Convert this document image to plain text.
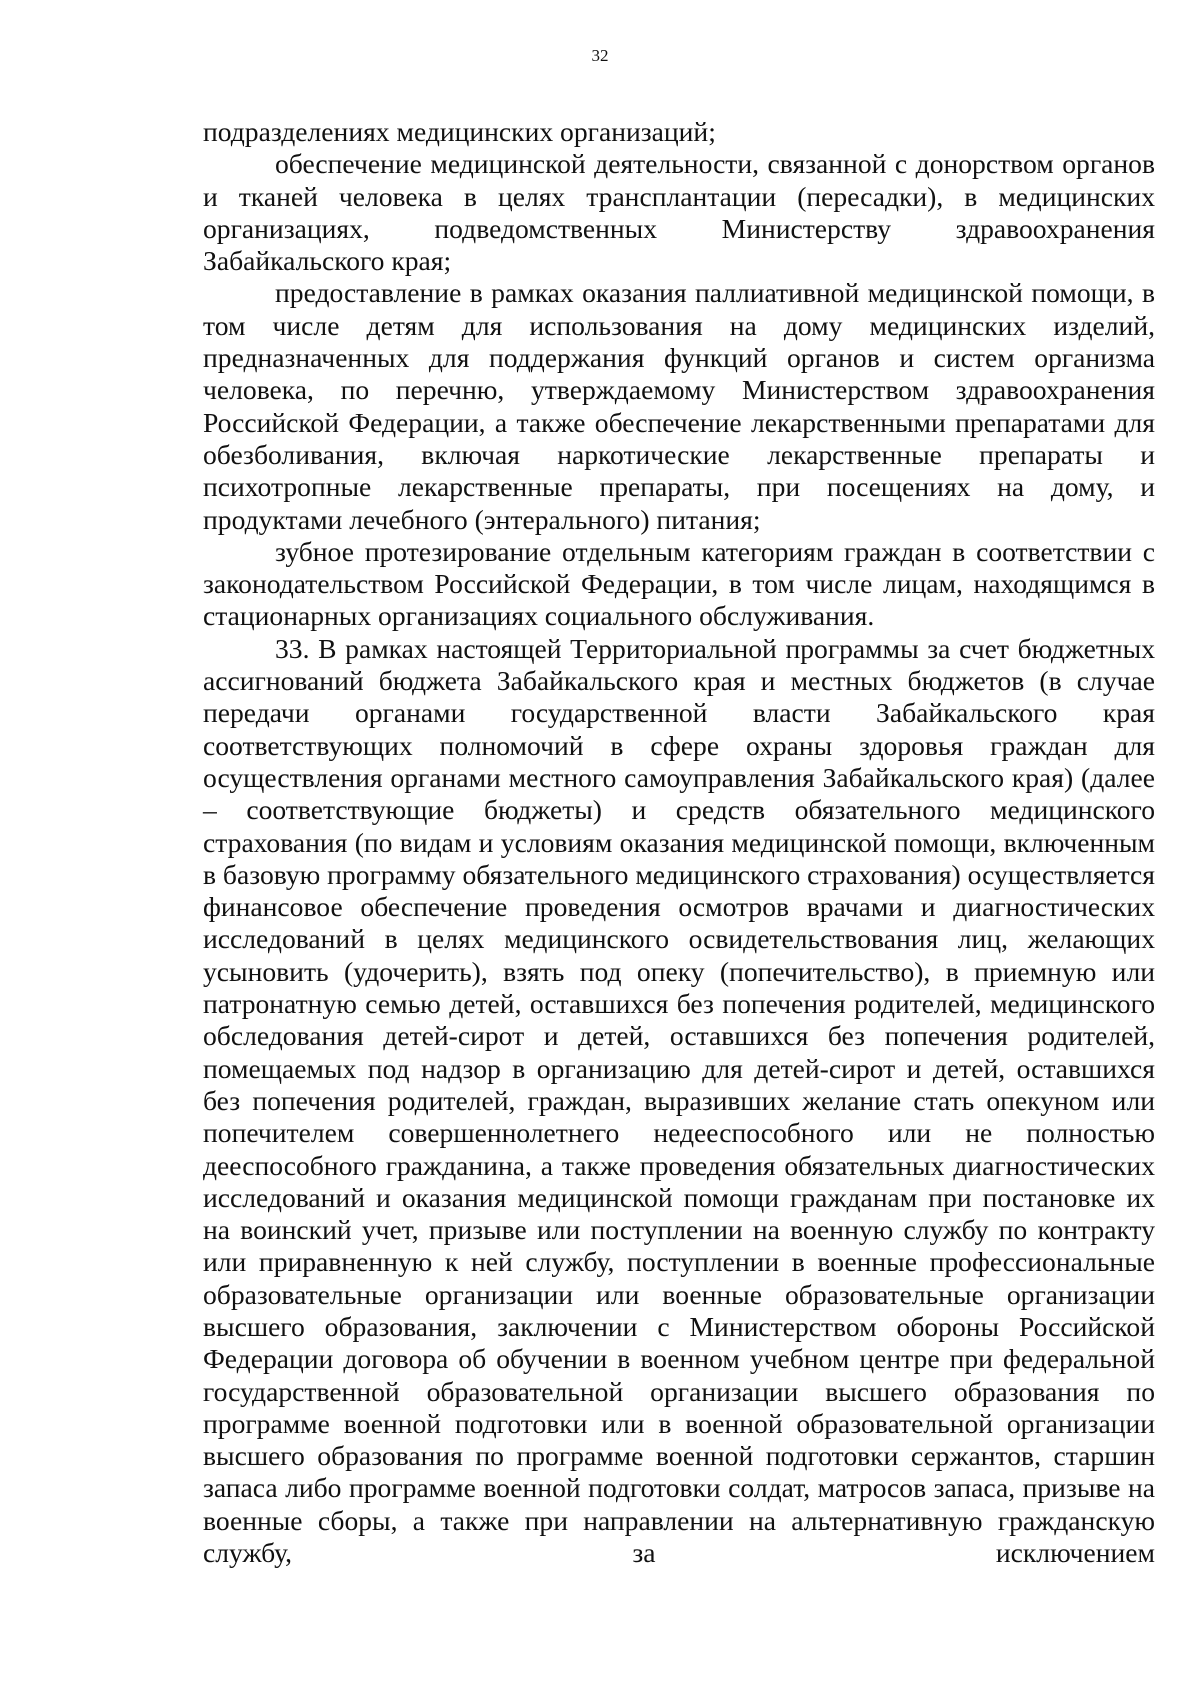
32

подразделениях медицинских организаций;

обеспечение медицинской деятельности, связанной с донорством органов и тканей человека в целях трансплантации (пересадки), в медицинских организациях, подведомственных Министерству здравоохранения Забайкальского края;

предоставление в рамках оказания паллиативной медицинской помощи, в том числе детям для использования на дому медицинских изделий, предназначенных для поддержания функций органов и систем организма человека, по перечню, утверждаемому Министерством здравоохранения Российской Федерации, а также обеспечение лекарственными препаратами для обезболивания, включая наркотические лекарственные препараты и психотропные лекарственные препараты, при посещениях на дому, и продуктами лечебного (энтерального) питания;

зубное протезирование отдельным категориям граждан в соответствии с законодательством Российской Федерации, в том числе лицам, находящимся в стационарных организациях социального обслуживания.

33. В рамках настоящей Территориальной программы за счет бюджетных ассигнований бюджета Забайкальского края и местных бюджетов (в случае передачи органами государственной власти Забайкальского края соответствующих полномочий в сфере охраны здоровья граждан для осуществления органами местного самоуправления Забайкальского края) (далее – соответствующие бюджеты) и средств обязательного медицинского страхования (по видам и условиям оказания медицинской помощи, включенным в базовую программу обязательного медицинского страхования) осуществляется финансовое обеспечение проведения осмотров врачами и диагностических исследований в целях медицинского освидетельствования лиц, желающих усыновить (удочерить), взять под опеку (попечительство), в приемную или патронатную семью детей, оставшихся без попечения родителей, медицинского обследования детей-сирот и детей, оставшихся без попечения родителей, помещаемых под надзор в организацию для детей-сирот и детей, оставшихся без попечения родителей, граждан, выразивших желание стать опекуном или попечителем совершеннолетнего недееспособного или не полностью дееспособного гражданина, а также проведения обязательных диагностических исследований и оказания медицинской помощи гражданам при постановке их на воинский учет, призыве или поступлении на военную службу по контракту или приравненную к ней службу, поступлении в военные профессиональные образовательные организации или военные образовательные организации высшего образования, заключении с Министерством обороны Российской Федерации договора об обучении в военном учебном центре при федеральной государственной образовательной организации высшего образования по программе военной подготовки или в военной образовательной организации высшего образования по программе военной подготовки сержантов, старшин запаса либо программе военной подготовки солдат, матросов запаса, призыве на военные сборы, а также при направлении на альтернативную гражданскую службу, за исключением
